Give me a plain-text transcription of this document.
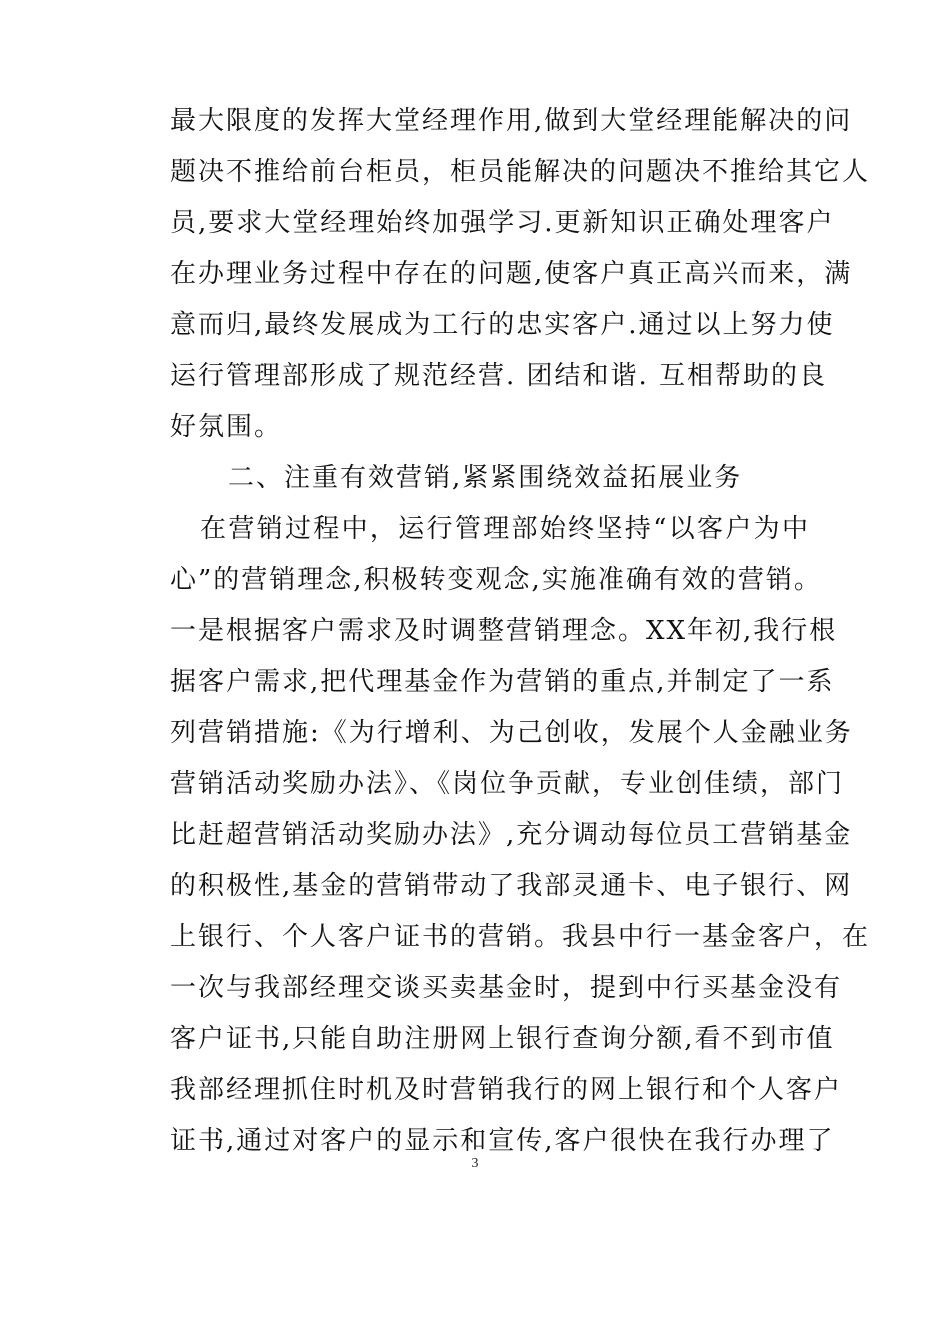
最大限度的发挥大堂经理作用,做到大堂经理能解决的问
题决不推给前台柜员，柜员能解决的问题决不推给其它人
员,要求大堂经理始终加强学习.更新知识正确处理客户
在办理业务过程中存在的问题,使客户真正高兴而来，满
意而归,最终发展成为工行的忠实客户.通过以上努力使
运行管理部形成了规范经营. 团结和谐. 互相帮助的良
好氛围。
二、注重有效营销,紧紧围绕效益拓展业务
在营销过程中，运行管理部始终坚持“以客户为中
心”的营销理念,积极转变观念,实施准确有效的营销。
一是根据客户需求及时调整营销理念。XX年初,我行根
据客户需求,把代理基金作为营销的重点,并制定了一系
列营销措施:《为行增利、为己创收，发展个人金融业务
营销活动奖励办法》、《岗位争贡献，专业创佳绩，部门
比赶超营销活动奖励办法》,充分调动每位员工营销基金
的积极性,基金的营销带动了我部灵通卡、电子银行、网
上银行、个人客户证书的营销。我县中行一基金客户，在
一次与我部经理交谈买卖基金时，提到中行买基金没有
客户证书,只能自助注册网上银行查询分额,看不到市值
我部经理抓住时机及时营销我行的网上银行和个人客户
证书,通过对客户的显示和宣传,客户很快在我行办理了
3
